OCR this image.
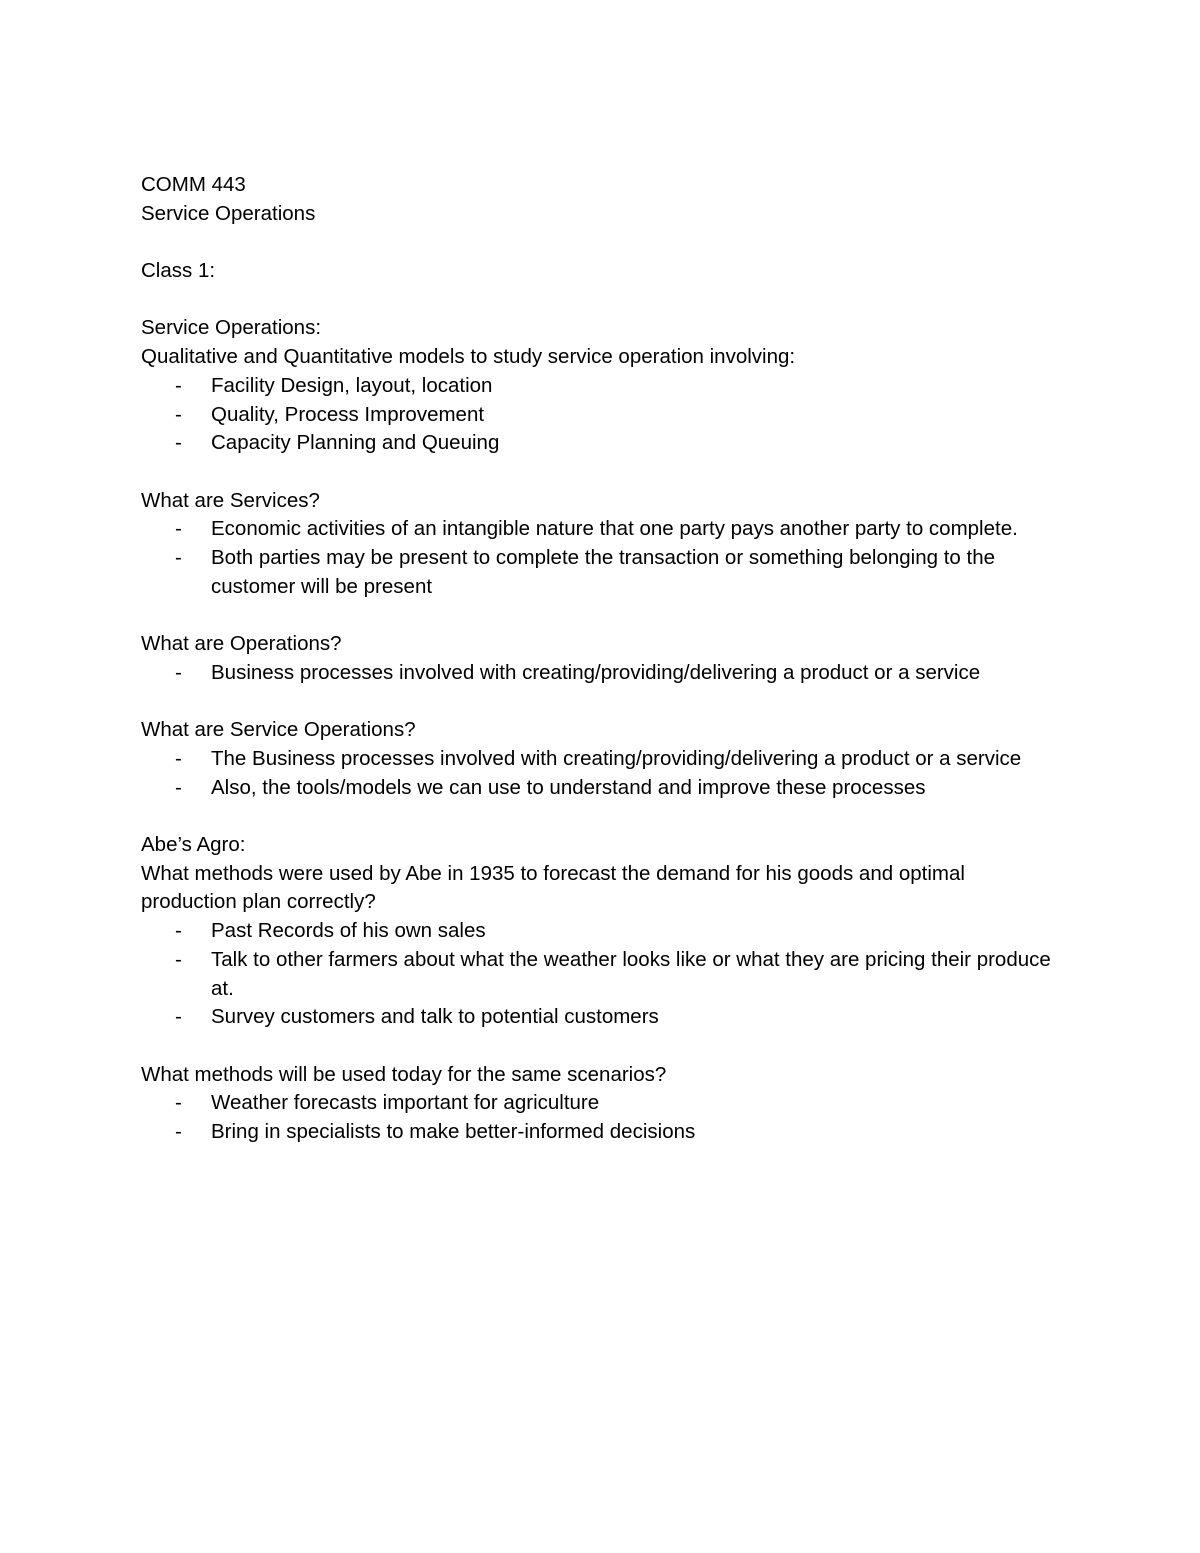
COMM 443
Service Operations
Class 1:
Service Operations:
Qualitative and Quantitative models to study service operation involving:
- Facility Design, layout, location
- Quality, Process Improvement
- Capacity Planning and Queuing
What are Services?
- Economic activities of an intangible nature that one party pays another party to complete.
- Both parties may be present to complete the transaction or something belonging to the customer will be present
What are Operations?
- Business processes involved with creating/providing/delivering a product or a service
What are Service Operations?
- The Business processes involved with creating/providing/delivering a product or a service
- Also, the tools/models we can use to understand and improve these processes
Abe’s Agro:
What methods were used by Abe in 1935 to forecast the demand for his goods and optimal production plan correctly?
- Past Records of his own sales
- Talk to other farmers about what the weather looks like or what they are pricing their produce at.
- Survey customers and talk to potential customers
What methods will be used today for the same scenarios?
- Weather forecasts important for agriculture
- Bring in specialists to make better-informed decisions
